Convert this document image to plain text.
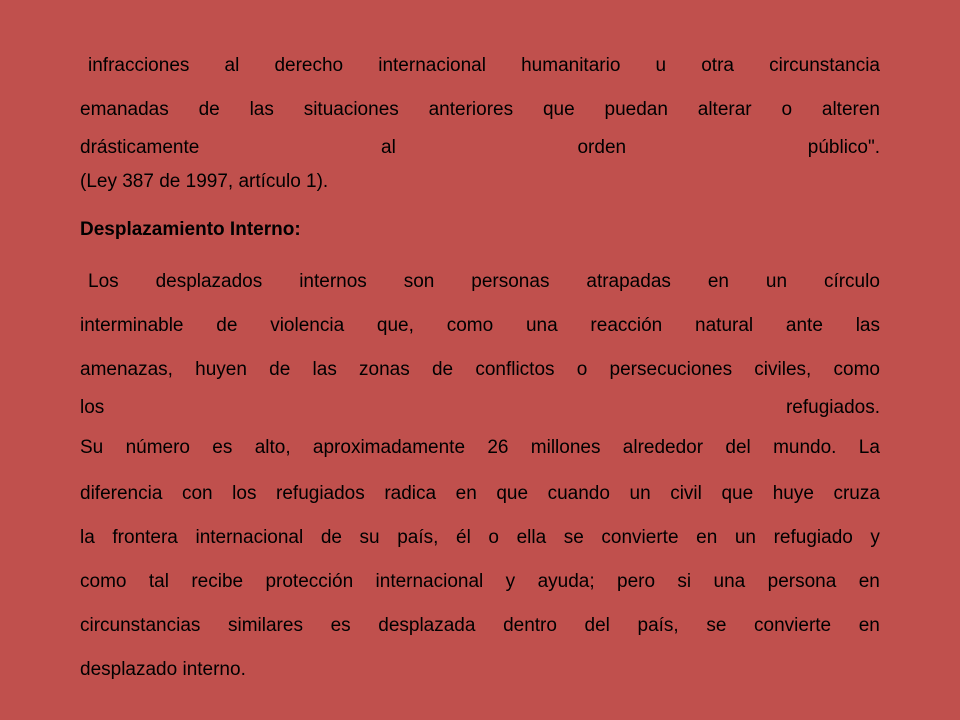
infracciones al derecho internacional humanitario u otra circunstancia
emanadas de las situaciones anteriores que puedan alterar o alteren
drásticamente	al	orden	público".
(Ley 387 de 1997, artículo 1).
Desplazamiento Interno:
Los desplazados internos son personas atrapadas en un círculo
interminable de violencia que, como una reacción natural ante las
amenazas, huyen de las zonas de conflictos o persecuciones civiles, como
los	refugiados.
Su número es alto, aproximadamente 26 millones alrededor del mundo. La
diferencia con los refugiados radica en que cuando un civil que huye cruza
la frontera internacional de su país, él o ella se convierte en un refugiado y
como tal recibe protección internacional y ayuda; pero si una persona en
circunstancias similares es desplazada dentro del país, se convierte en
desplazado interno.
